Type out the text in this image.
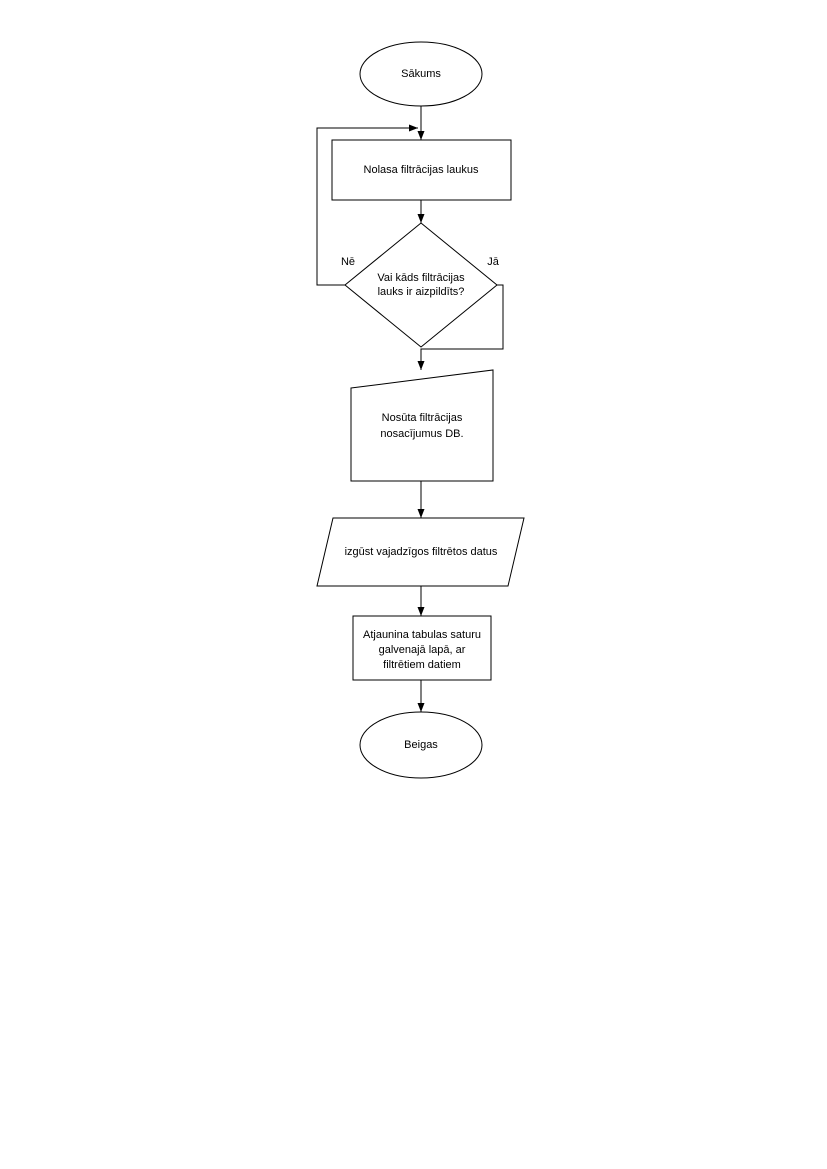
Sākums
Nolasa filtrācijas laukus
Vai kāds filtrācijas
lauks ir aizpildīts?
Nē	Jā
Nosūta filtrācijas
nosacījumus DB.
izgūst vajadzīgos filtrētos datus
Atjaunina tabulas saturu
galvenajā lapā, ar
filtrētiem datiem
Beigas
